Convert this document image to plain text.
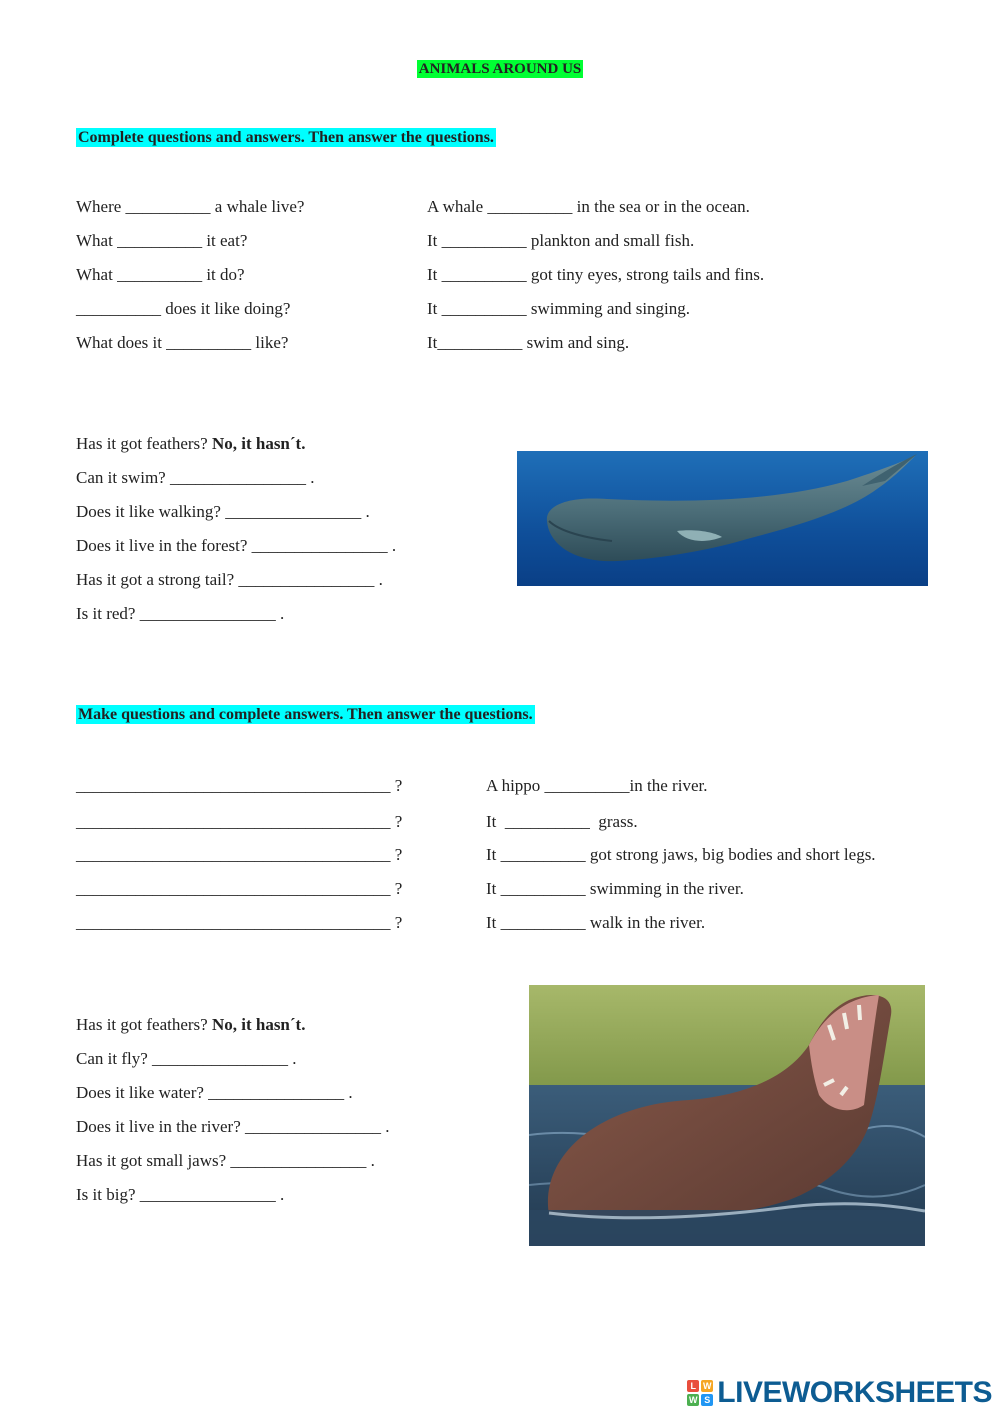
ANIMALS AROUND US
Complete questions and answers. Then answer the questions.
Where __________ a whale live?
What __________ it eat?
What __________ it do?
__________ does it like doing?
What does it __________ like?
A whale __________ in the sea or in the ocean.
It __________ plankton and small fish.
It __________ got tiny eyes, strong tails and fins.
It __________ swimming and singing.
It__________ swim and sing.
Has it got feathers? No, it hasn´t.
Can it swim? ________________ .
Does it like walking? ________________ .
Does it live in the forest? ________________ .
Has it got a strong tail? ________________ .
Is it red? ________________ .
Make questions and complete answers. Then answer the questions.
_____________________________________ ?
_____________________________________ ?
_____________________________________ ?
_____________________________________ ?
_____________________________________ ?
A hippo __________in the river.
It  __________  grass.
It __________ got strong jaws, big bodies and short legs.
It __________ swimming in the river.
It __________ walk in the river.
Has it got feathers? No, it hasn´t.
Can it fly? ________________ .
Does it like water? ________________ .
Does it live in the river? ________________ .
Has it got small jaws? ________________ .
Is it big? ________________ .
L W
W S LIVEWORKSHEETS
